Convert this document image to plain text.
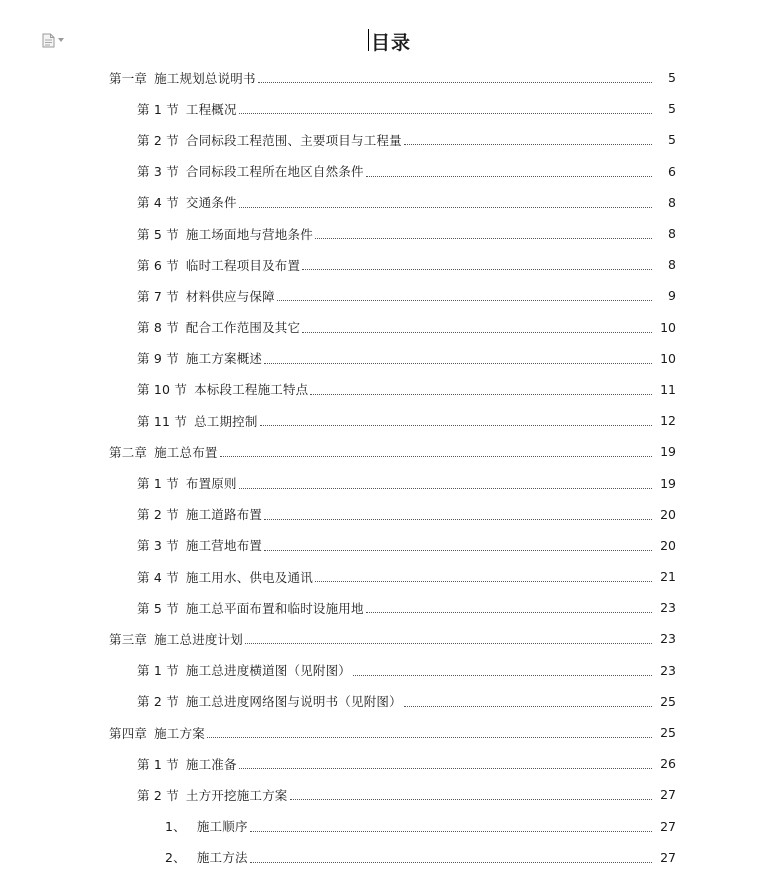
目录
第一章 施工规划总说明书	5
第 1 节 工程概况	5
第 2 节 合同标段工程范围、主要项目与工程量	5
第 3 节 合同标段工程所在地区自然条件	6
第 4 节 交通条件	8
第 5 节 施工场面地与营地条件	8
第 6 节 临时工程项目及布置	8
第 7 节 材料供应与保障	9
第 8 节 配合工作范围及其它	10
第 9 节 施工方案概述	10
第 10 节 本标段工程施工特点	11
第 11 节 总工期控制	12
第二章 施工总布置	19
第 1 节 布置原则	19
第 2 节 施工道路布置	20
第 3 节 施工营地布置	20
第 4 节 施工用水、供电及通讯	21
第 5 节 施工总平面布置和临时设施用地	23
第三章 施工总进度计划	23
第 1 节 施工总进度横道图（见附图）	23
第 2 节 施工总进度网络图与说明书（见附图）	25
第四章 施工方案	25
第 1 节 施工准备	26
第 2 节 土方开挖施工方案	27
1、 施工顺序	27
2、 施工方法	27
